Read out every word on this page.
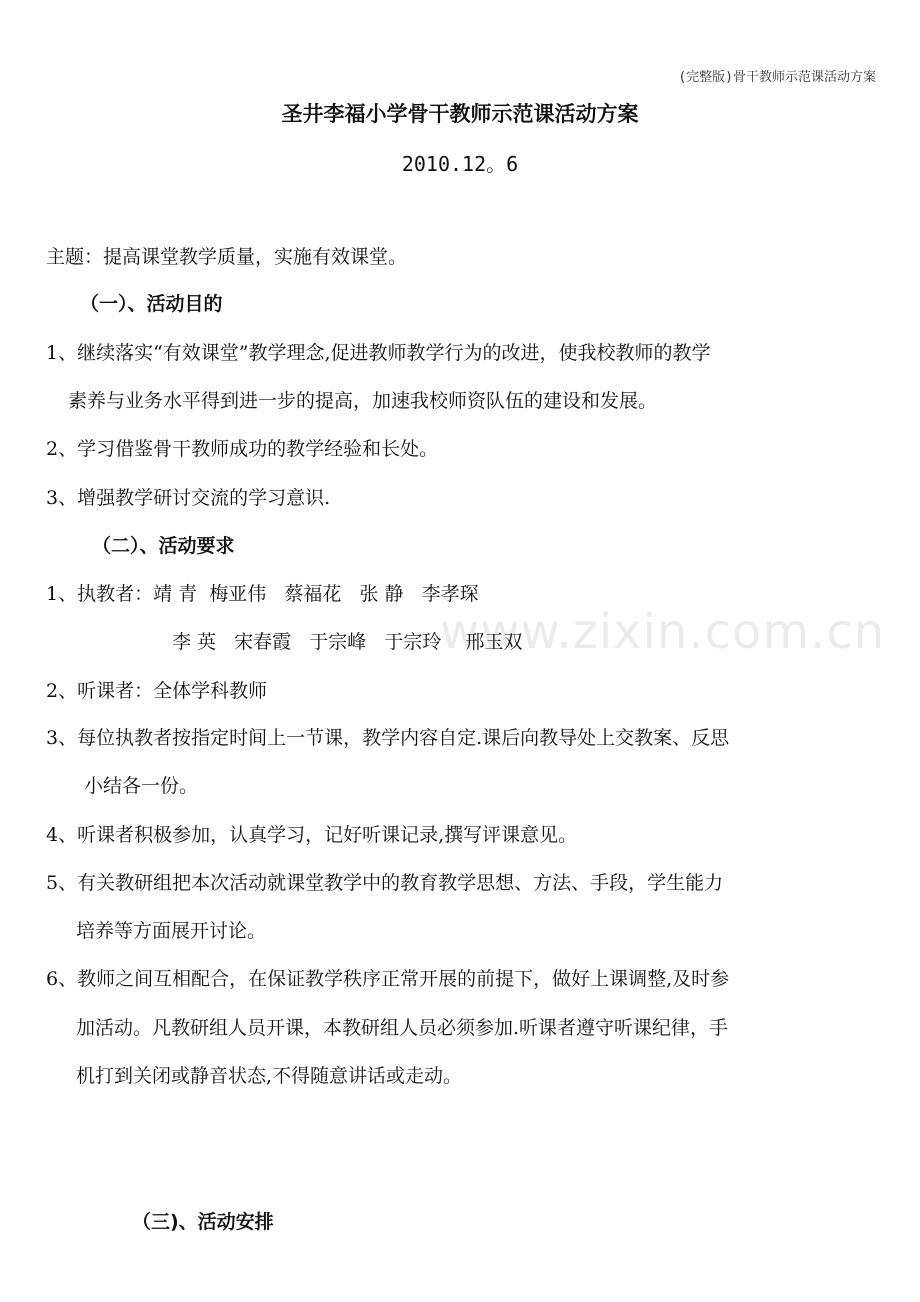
(完整版)骨干教师示范课活动方案
圣井李福小学骨干教师示范课活动方案
2010.12。6
主题：提高课堂教学质量，实施有效课堂。
（一）、活动目的
1、继续落实“有效课堂”教学理念,促进教师教学行为的改进，使我校教师的教学
素养与业务水平得到进一步的提高，加速我校师资队伍的建设和发展。
2、学习借鉴骨干教师成功的教学经验和长处。
3、增强教学研讨交流的学习意识.
（二）、活动要求
1、执教者：靖 青  梅亚伟   蔡福花   张 静   李孝琛
李 英   宋春霞   于宗峰   于宗玲    邢玉双
2、听课者：全体学科教师
3、每位执教者按指定时间上一节课，教学内容自定.课后向教导处上交教案、反思
小结各一份。
4、听课者积极参加，认真学习，记好听课记录,撰写评课意见。
5、有关教研组把本次活动就课堂教学中的教育教学思想、方法、手段，学生能力
培养等方面展开讨论。
6、教师之间互相配合，在保证教学秩序正常开展的前提下，做好上课调整,及时参
加活动。凡教研组人员开课，本教研组人员必须参加.听课者遵守听课纪律，手
机打到关闭或静音状态,不得随意讲话或走动。
（三)、活动安排
www.zixin.com.cn
